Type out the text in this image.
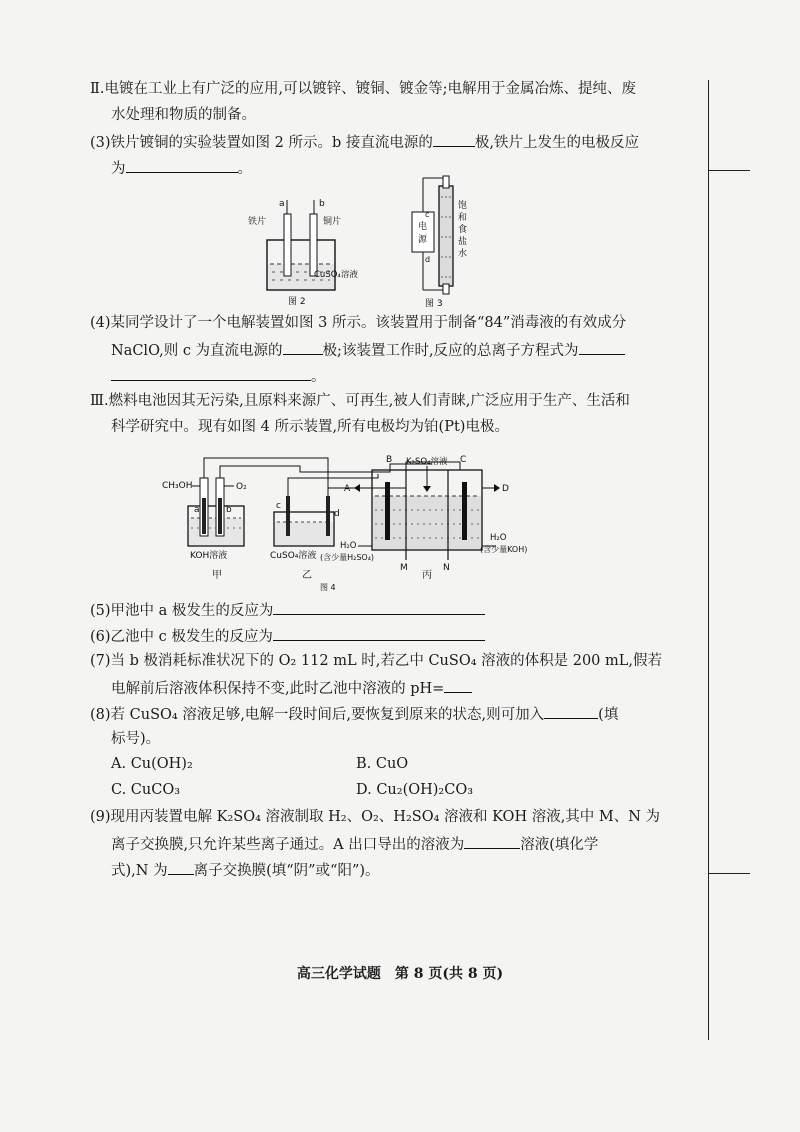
Ⅱ.电镀在工业上有广泛的应用,可以镀锌、镀铜、镀金等;电解用于金属冶炼、提纯、废
水处理和物质的制备。
(3)铁片镀铜的实验装置如图 2 所示。b 接直流电源的	极,铁片上发生的电极反应
为	。
a	b
铁片	铜片
CuSO₄溶液
图 2
电
源
c
d
饱
和
食
盐
水
图 3
(4)某同学设计了一个电解装置如图 3 所示。该装置用于制备“84”消毒液的有效成分
NaClO,则 c 为直流电源的	极;该装置工作时,反应的总离子方程式为
。
Ⅲ.燃料电池因其无污染,且原料来源广、可再生,被人们青睐,广泛应用于生产、生活和
科学研究中。现有如图 4 所示装置,所有电极均为铂(Pt)电极。
CH₃OH	O₂
a	b
KOH溶液
甲
c
d
CuSO₄溶液
乙
B	C
A	D
K₂SO₄溶液
H₂O
(含少量H₂SO₄)
H₂O
(含少量KOH)
M	N
丙
图 4
(5)甲池中 a 极发生的反应为
(6)乙池中 c 极发生的反应为
(7)当 b 极消耗标准状况下的 O₂ 112 mL 时,若乙中 CuSO₄ 溶液的体积是 200 mL,假若
电解前后溶液体积保持不变,此时乙池中溶液的 pH=
(8)若 CuSO₄ 溶液足够,电解一段时间后,要恢复到原来的状态,则可加入	(填
标号)。
A. Cu(OH)₂	B. CuO
C. CuCO₃	D. Cu₂(OH)₂CO₃
(9)现用丙装置电解 K₂SO₄ 溶液制取 H₂、O₂、H₂SO₄ 溶液和 KOH 溶液,其中 M、N 为
离子交换膜,只允许某些离子通过。A 出口导出的溶液为	溶液(填化学
式),N 为 离子交换膜(填“阴”或“阳”)。
高三化学试题　第 8 页(共 8 页)
